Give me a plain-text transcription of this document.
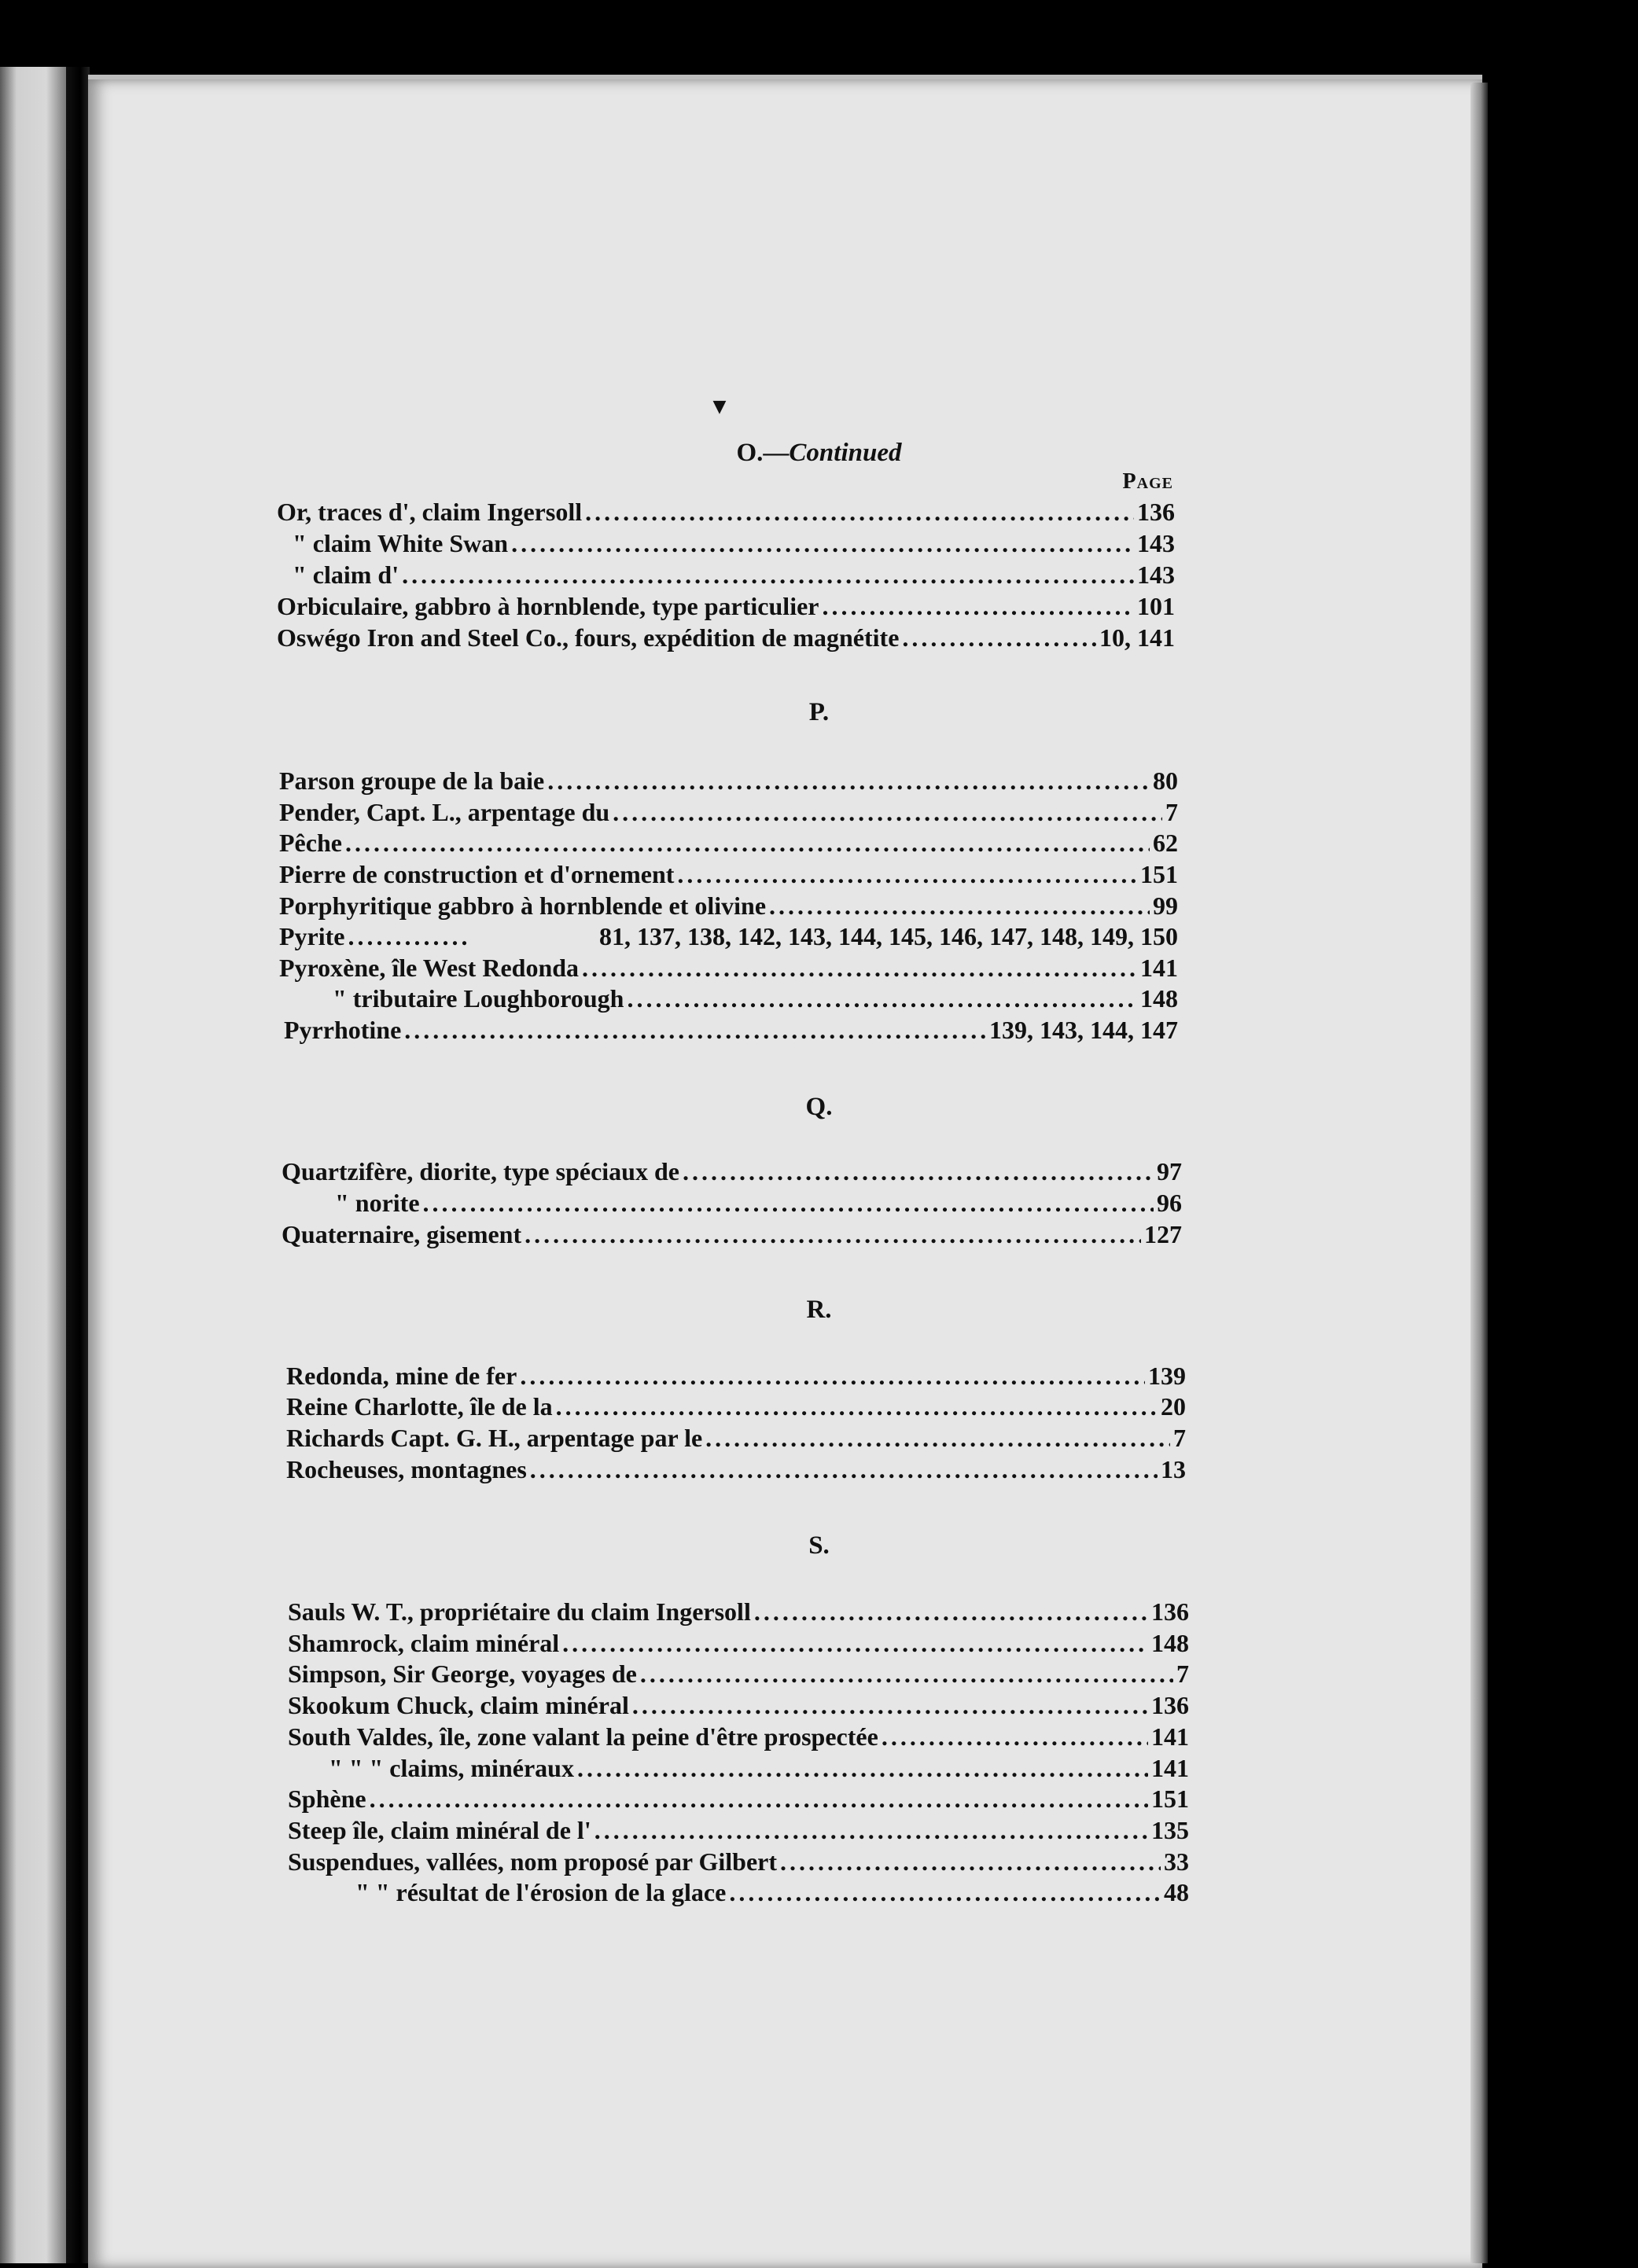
▼
O.—Continued
Page
Or, traces d', claim Ingersoll . . .	136
" claim White Swan . . .	143
" claim d' . . .	143
Orbiculaire, gabbro à hornblende, type particulier . . .	101
Oswégo Iron and Steel Co., fours, expédition de magnétite . . .	10, 141
P.
Parson groupe de la baie . . .	80
Pender, Capt. L., arpentage du . . .	7
Pêche . . .	62
Pierre de construction et d'ornement . . .	151
Porphyritique gabbro à hornblende et olivine . . .	99
Pyrite . . .	81, 137, 138, 142, 143, 144, 145, 146, 147, 148, 149, 150
Pyroxène, île West Redonda . . .	141
" tributaire Loughborough . . .	148
Pyrrhotine . . .	139, 143, 144, 147
Q.
Quartzifère, diorite, type spéciaux de . . .	97
" norite . . .	96
Quaternaire, gisement . . .	127
R.
Redonda, mine de fer . . .	139
Reine Charlotte, île de la . . .	20
Richards Capt. G. H., arpentage par le . . .	7
Rocheuses, montagnes . . .	13
S.
Sauls W. T., propriétaire du claim Ingersoll . . .	136
Shamrock, claim minéral . . .	148
Simpson, Sir George, voyages de . . .	7
Skookum Chuck, claim minéral . . .	136
South Valdes, île, zone valant la peine d'être prospectée . . .	141
" " " claims, minéraux . . .	141
Sphène . . .	151
Steep île, claim minéral de l' . . .	135
Suspendues, vallées, nom proposé par Gilbert . . .	33
" " résultat de l'érosion de la glace . . .	48
